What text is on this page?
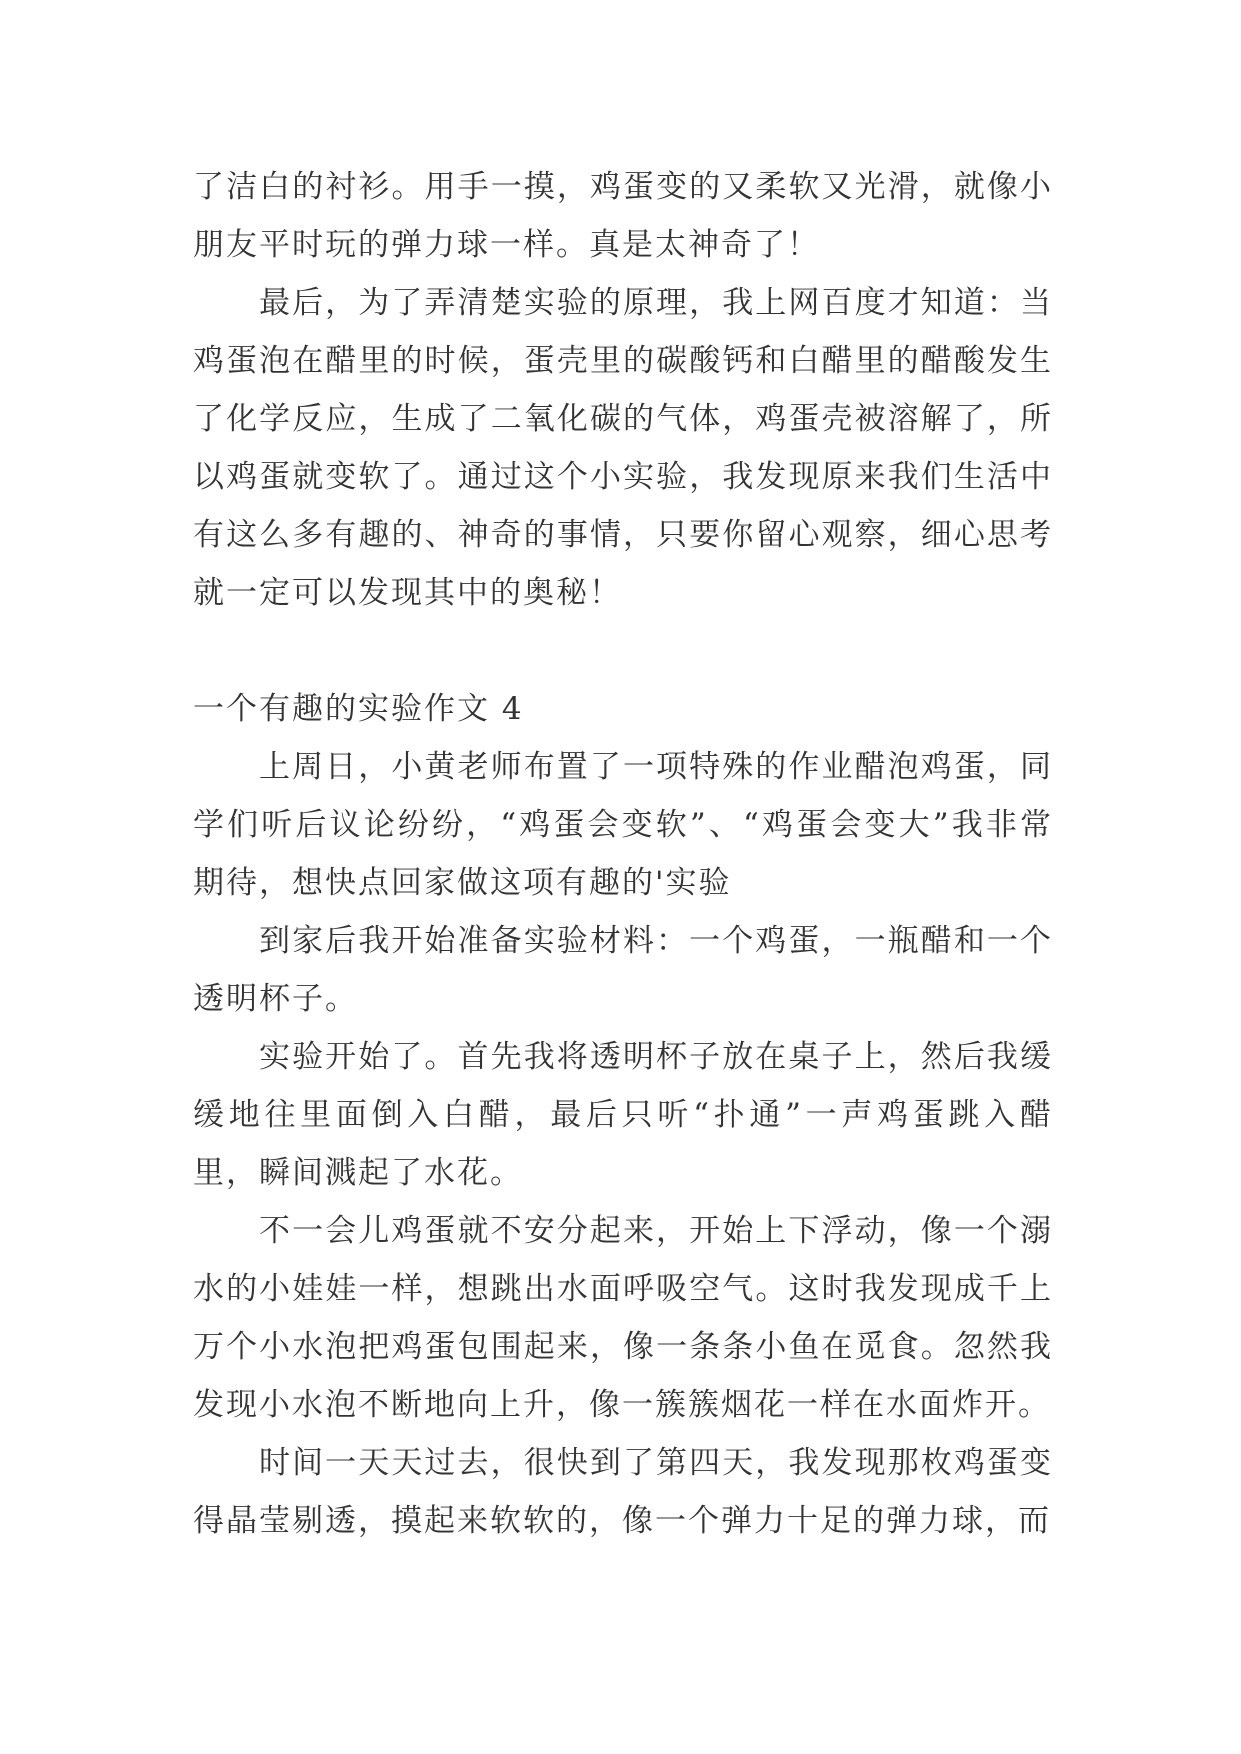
了洁白的衬衫。用手一摸，鸡蛋变的又柔软又光滑，就像小朋友平时玩的弹力球一样。真是太神奇了！

最后，为了弄清楚实验的原理，我上网百度才知道：当鸡蛋泡在醋里的时候，蛋壳里的碳酸钙和白醋里的醋酸发生了化学反应，生成了二氧化碳的气体，鸡蛋壳被溶解了，所以鸡蛋就变软了。通过这个小实验，我发现原来我们生活中有这么多有趣的、神奇的事情，只要你留心观察，细心思考就一定可以发现其中的奥秘！

一个有趣的实验作文 4

上周日，小黄老师布置了一项特殊的作业醋泡鸡蛋，同学们听后议论纷纷，“鸡蛋会变软”、“鸡蛋会变大”我非常期待，想快点回家做这项有趣的'实验

到家后我开始准备实验材料：一个鸡蛋，一瓶醋和一个透明杯子。

实验开始了。首先我将透明杯子放在桌子上，然后我缓缓地往里面倒入白醋，最后只听“扑通”一声鸡蛋跳入醋里，瞬间溅起了水花。

不一会儿鸡蛋就不安分起来，开始上下浮动，像一个溺水的小娃娃一样，想跳出水面呼吸空气。这时我发现成千上万个小水泡把鸡蛋包围起来，像一条条小鱼在觅食。忽然我发现小水泡不断地向上升，像一簇簇烟花一样在水面炸开。

时间一天天过去，很快到了第四天，我发现那枚鸡蛋变得晶莹剔透，摸起来软软的，像一个弹力十足的弹力球，而
